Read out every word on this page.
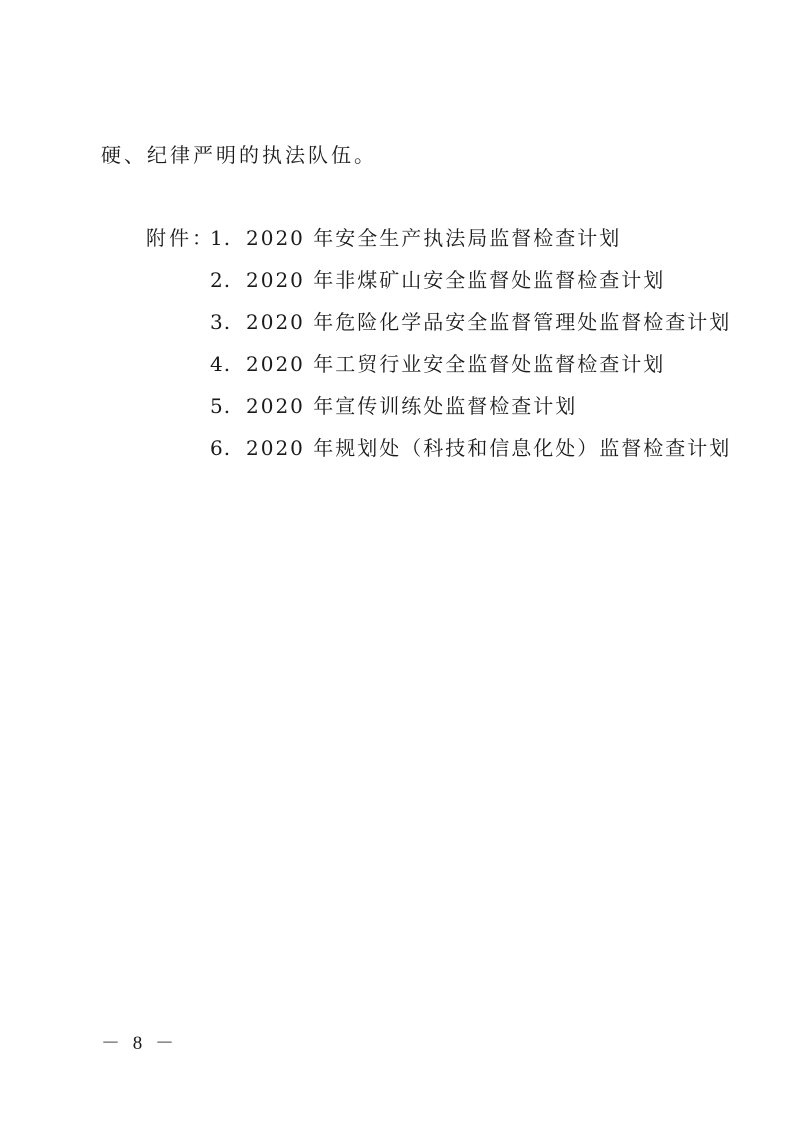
硬、纪律严明的执法队伍。
附件：
1. 2020 年安全生产执法局监督检查计划
2. 2020 年非煤矿山安全监督处监督检查计划
3. 2020 年危险化学品安全监督管理处监督检查计划
4. 2020 年工贸行业安全监督处监督检查计划
5. 2020 年宣传训练处监督检查计划
6. 2020 年规划处（科技和信息化处）监督检查计划
－ 8 －
